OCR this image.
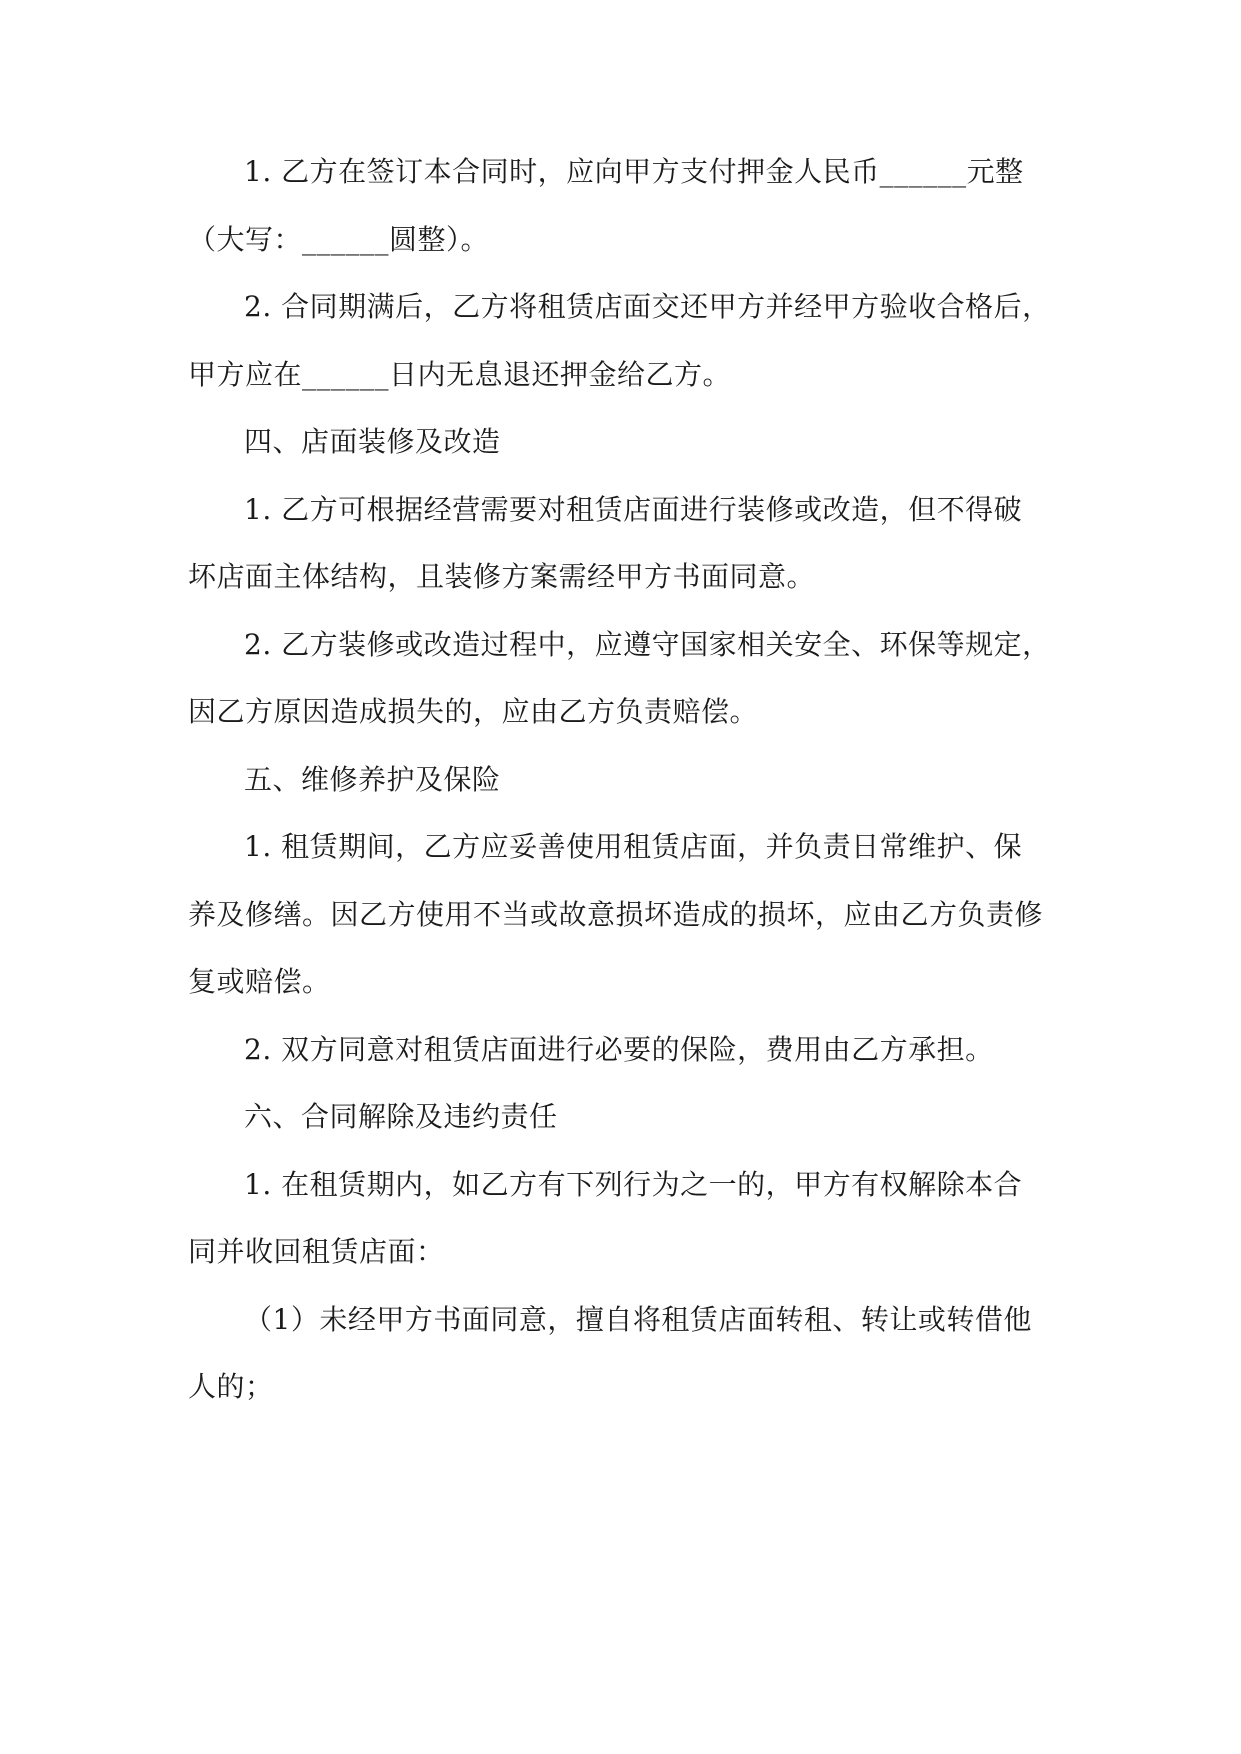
1. 乙方在签订本合同时，应向甲方支付押金人民币______元整
（大写：______圆整）。
2. 合同期满后，乙方将租赁店面交还甲方并经甲方验收合格后，
甲方应在______日内无息退还押金给乙方。
四、店面装修及改造
1. 乙方可根据经营需要对租赁店面进行装修或改造，但不得破
坏店面主体结构，且装修方案需经甲方书面同意。
2. 乙方装修或改造过程中，应遵守国家相关安全、环保等规定，
因乙方原因造成损失的，应由乙方负责赔偿。
五、维修养护及保险
1. 租赁期间，乙方应妥善使用租赁店面，并负责日常维护、保
养及修缮。因乙方使用不当或故意损坏造成的损坏，应由乙方负责修
复或赔偿。
2. 双方同意对租赁店面进行必要的保险，费用由乙方承担。
六、合同解除及违约责任
1. 在租赁期内，如乙方有下列行为之一的，甲方有权解除本合
同并收回租赁店面：
（1）未经甲方书面同意，擅自将租赁店面转租、转让或转借他
人的；
